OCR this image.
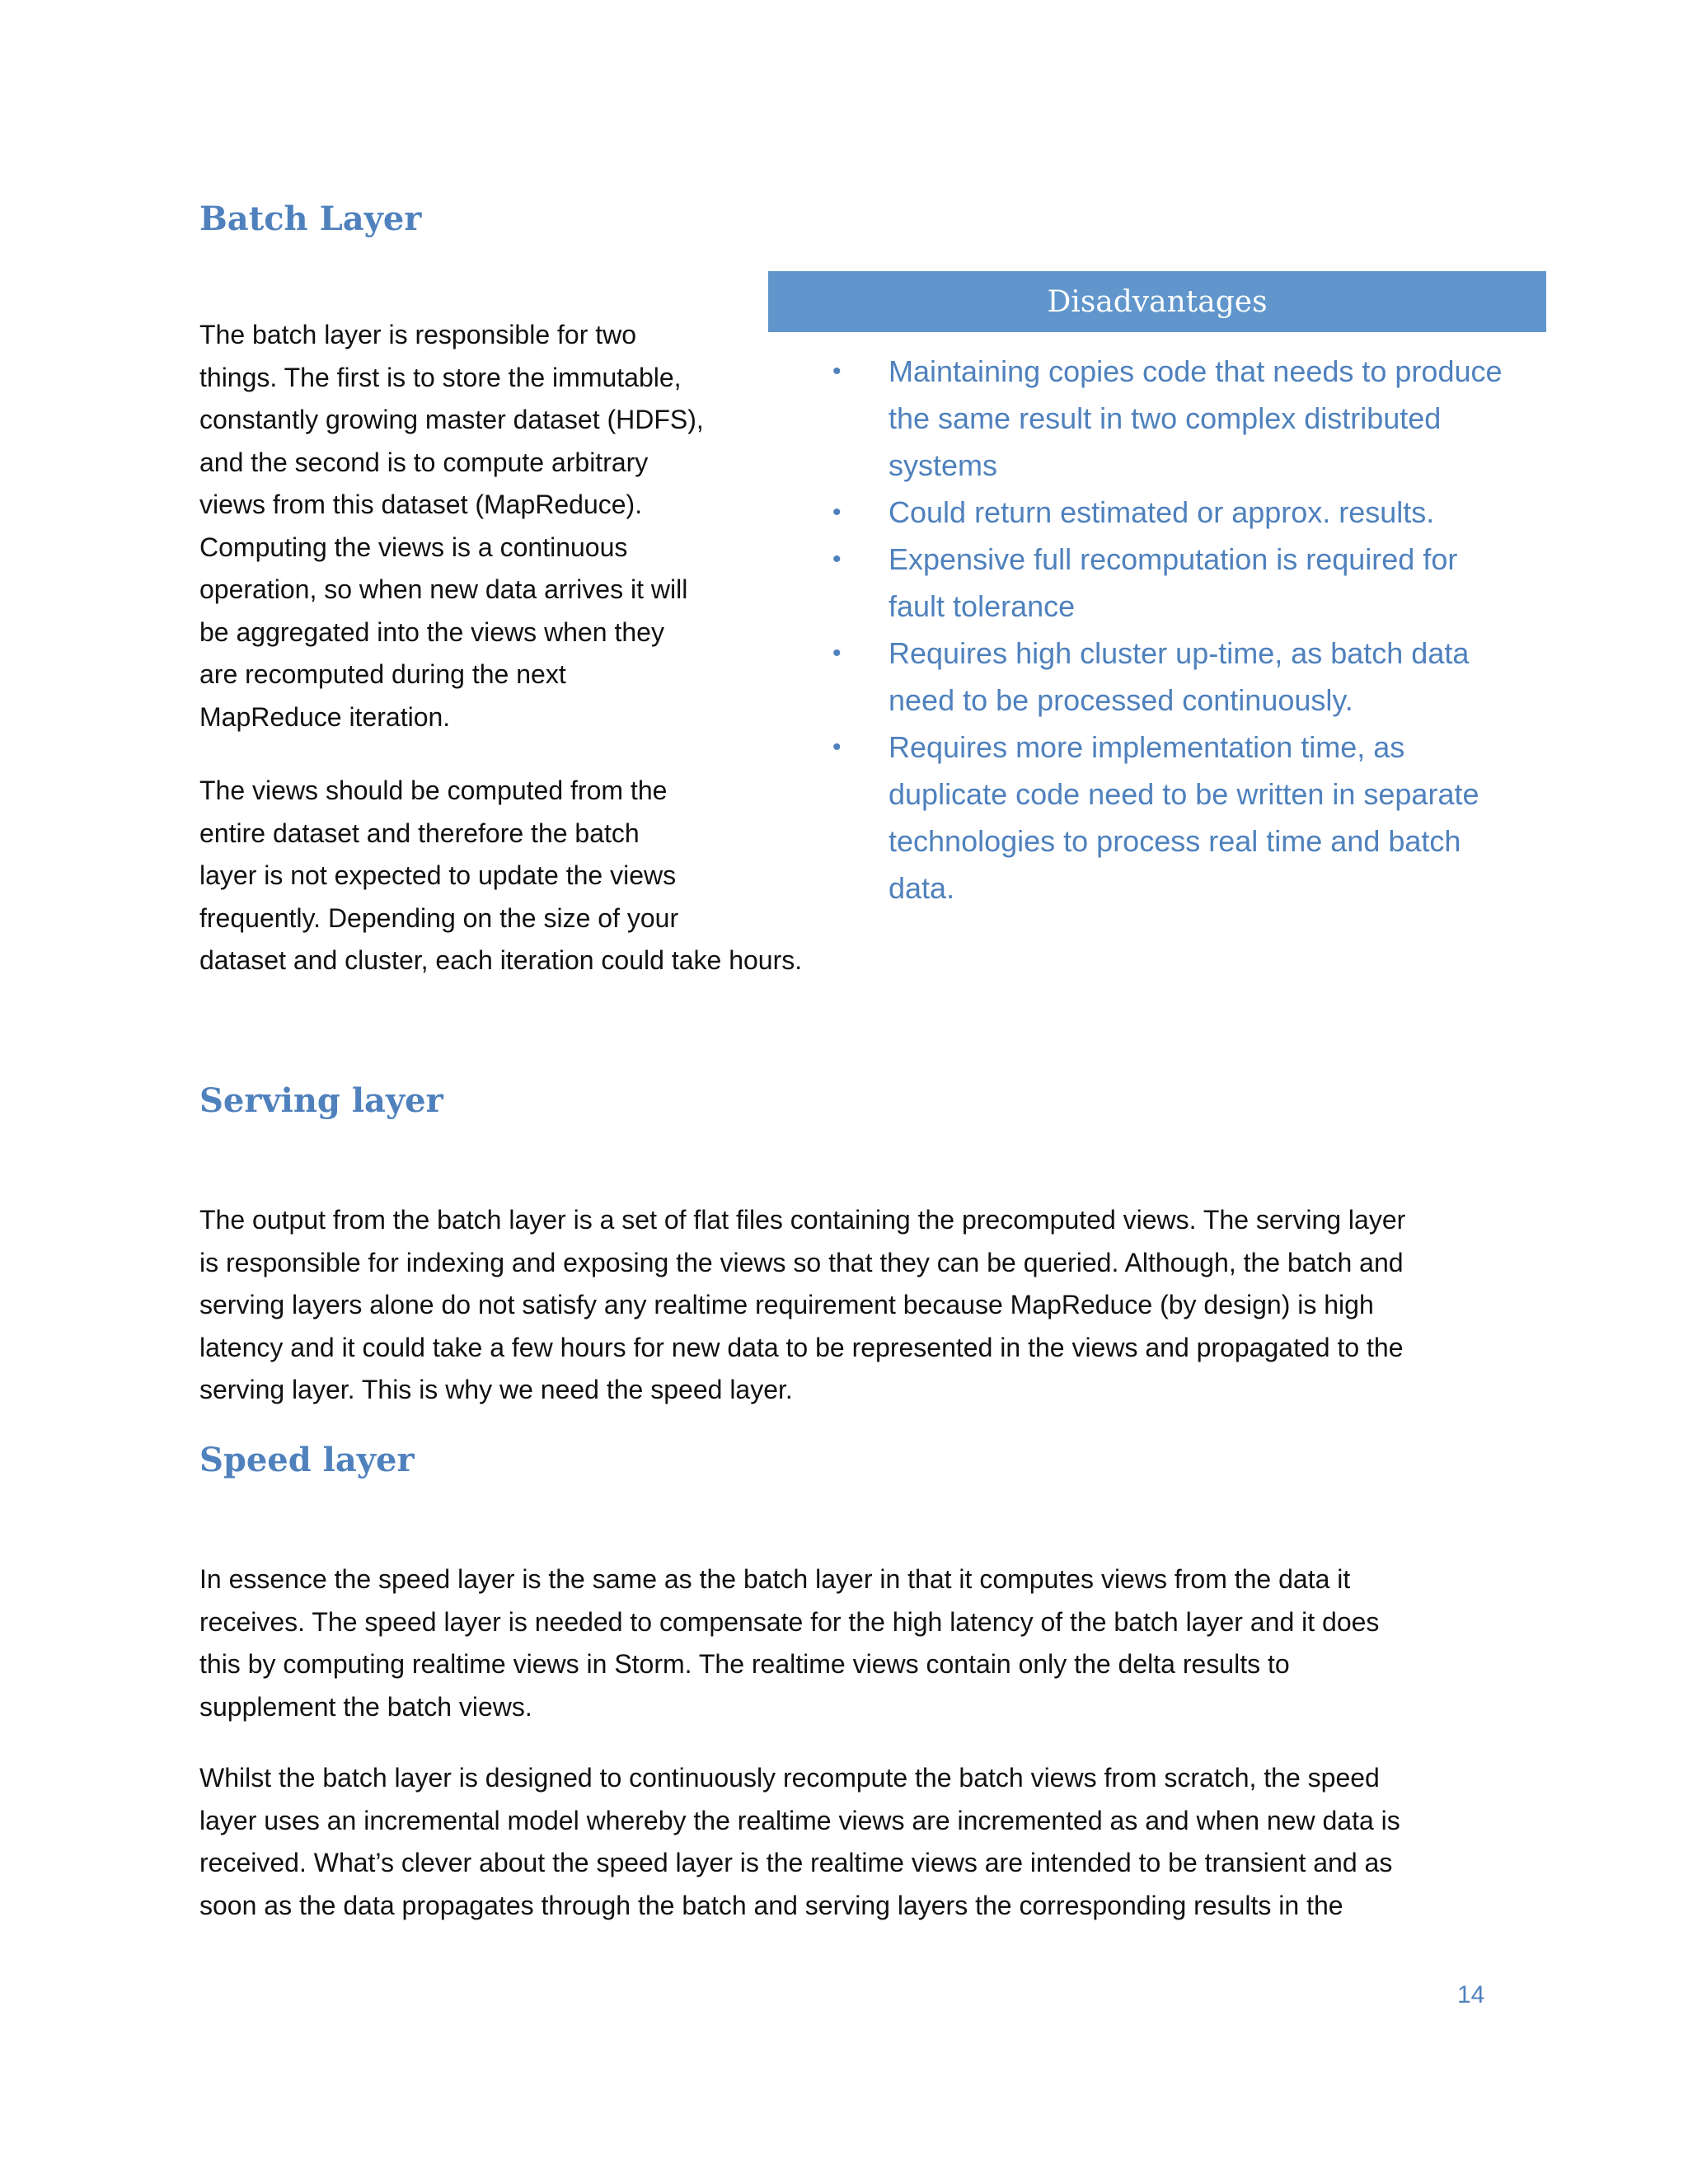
Batch Layer

The batch layer is responsible for two
things. The first is to store the immutable,
constantly growing master dataset (HDFS),
and the second is to compute arbitrary
views from this dataset (MapReduce).
Computing the views is a continuous
operation, so when new data arrives it will
be aggregated into the views when they
are recomputed during the next
MapReduce iteration.

The views should be computed from the
entire dataset and therefore the batch
layer is not expected to update the views
frequently. Depending on the size of your
dataset and cluster, each iteration could take hours.

Disadvantages
• Maintaining copies code that needs to produce
the same result in two complex distributed
systems
• Could return estimated or approx. results.
• Expensive full recomputation is required for
fault tolerance
• Requires high cluster up-time, as batch data
need to be processed continuously.
• Requires more implementation time, as
duplicate code need to be written in separate
technologies to process real time and batch
data.
Serving layer

The output from the batch layer is a set of flat files containing the precomputed views. The serving layer
is responsible for indexing and exposing the views so that they can be queried. Although, the batch and
serving layers alone do not satisfy any realtime requirement because MapReduce (by design) is high
latency and it could take a few hours for new data to be represented in the views and propagated to the
serving layer. This is why we need the speed layer.

Speed layer

In essence the speed layer is the same as the batch layer in that it computes views from the data it
receives. The speed layer is needed to compensate for the high latency of the batch layer and it does
this by computing realtime views in Storm. The realtime views contain only the delta results to
supplement the batch views.

Whilst the batch layer is designed to continuously recompute the batch views from scratch, the speed
layer uses an incremental model whereby the realtime views are incremented as and when new data is
received. What’s clever about the speed layer is the realtime views are intended to be transient and as
soon as the data propagates through the batch and serving layers the corresponding results in the

14
